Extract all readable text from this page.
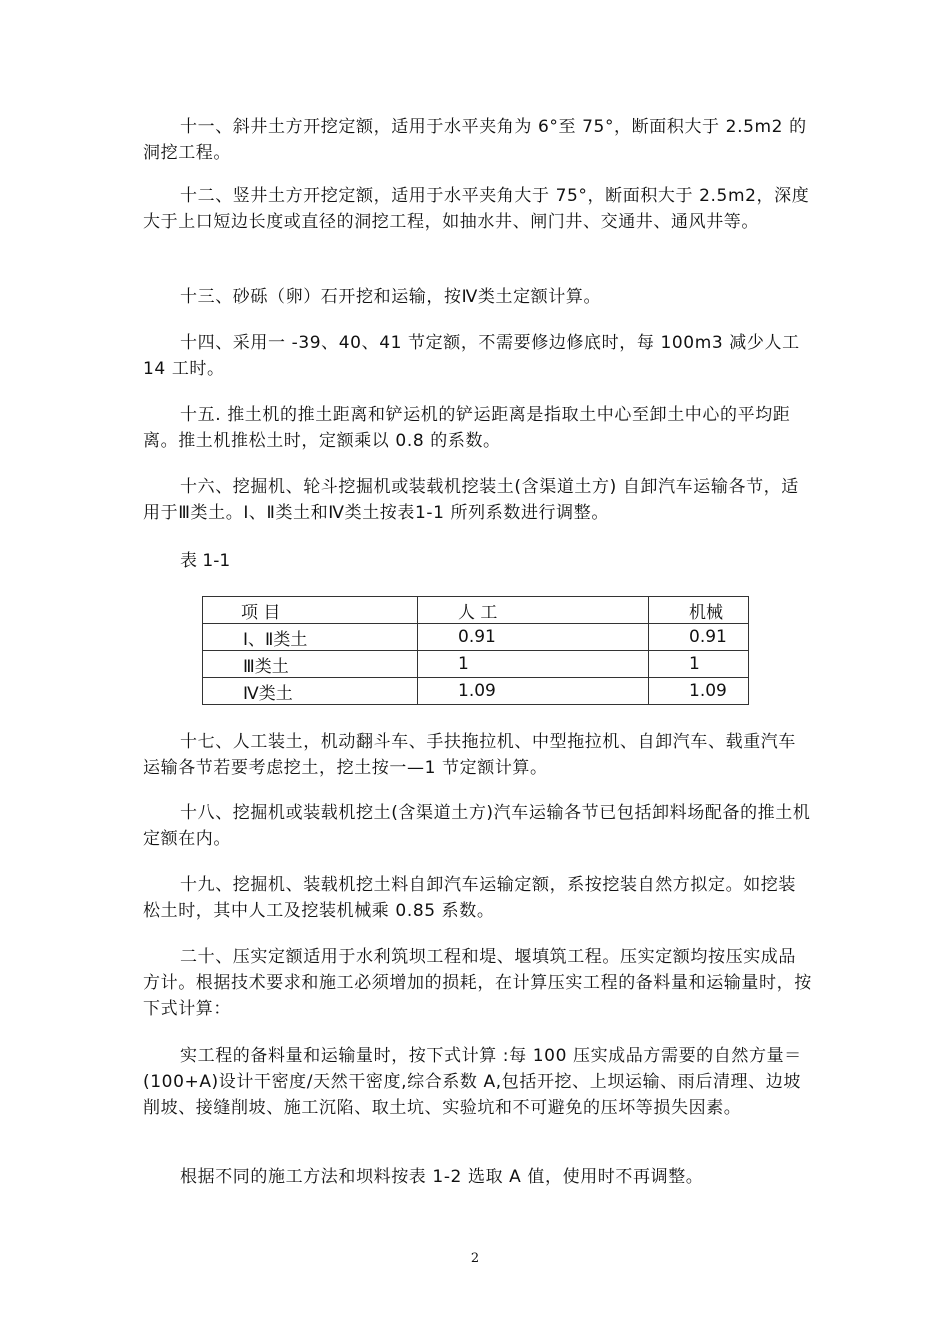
十一、斜井土方开挖定额，适用于水平夹角为 6°至 75°，断面积大于 2.5m2 的洞挖工程。

十二、竖井土方开挖定额，适用于水平夹角大于 75°，断面积大于 2.5m2，深度大于上口短边长度或直径的洞挖工程，如抽水井、闸门井、交通井、通风井等。

十三、砂砾（卵）石开挖和运输，按Ⅳ类土定额计算。

十四、采用一 -39、40、41 节定额，不需要修边修底时，每 100m3 减少人工 14 工时。

十五. 推土机的推土距离和铲运机的铲运距离是指取土中心至卸土中心的平均距离。推土机推松土时，定额乘以 0.8 的系数。

十六、挖掘机、轮斗挖掘机或装载机挖装土(含渠道土方) 自卸汽车运输各节，适用于Ⅲ类土。Ⅰ、Ⅱ类土和Ⅳ类土按表1-1 所列系数进行调整。

表 1-1

项 目	人 工	机械
Ⅰ、Ⅱ类土	0.91	0.91
Ⅲ类土	1	1
Ⅳ类土	1.09	1.09

十七、人工装土，机动翻斗车、手扶拖拉机、中型拖拉机、自卸汽车、载重汽车运输各节若要考虑挖土，挖土按一—1 节定额计算。

十八、挖掘机或装载机挖土(含渠道土方)汽车运输各节已包括卸料场配备的推土机定额在内。

十九、挖掘机、装载机挖土料自卸汽车运输定额，系按挖装自然方拟定。如挖装松土时，其中人工及挖装机械乘 0.85 系数。

二十、压实定额适用于水利筑坝工程和堤、堰填筑工程。压实定额均按压实成品方计。根据技术要求和施工必须增加的损耗，在计算压实工程的备料量和运输量时，按下式计算：

实工程的备料量和运输量时，按下式计算 :每 100 压实成品方需要的自然方量＝(100+A)设计干密度/天然干密度,综合系数 A,包括开挖、上坝运输、雨后清理、边坡削坡、接缝削坡、施工沉陷、取土坑、实验坑和不可避免的压坏等损失因素。

根据不同的施工方法和坝料按表 1-2 选取 A 值，使用时不再调整。

2
